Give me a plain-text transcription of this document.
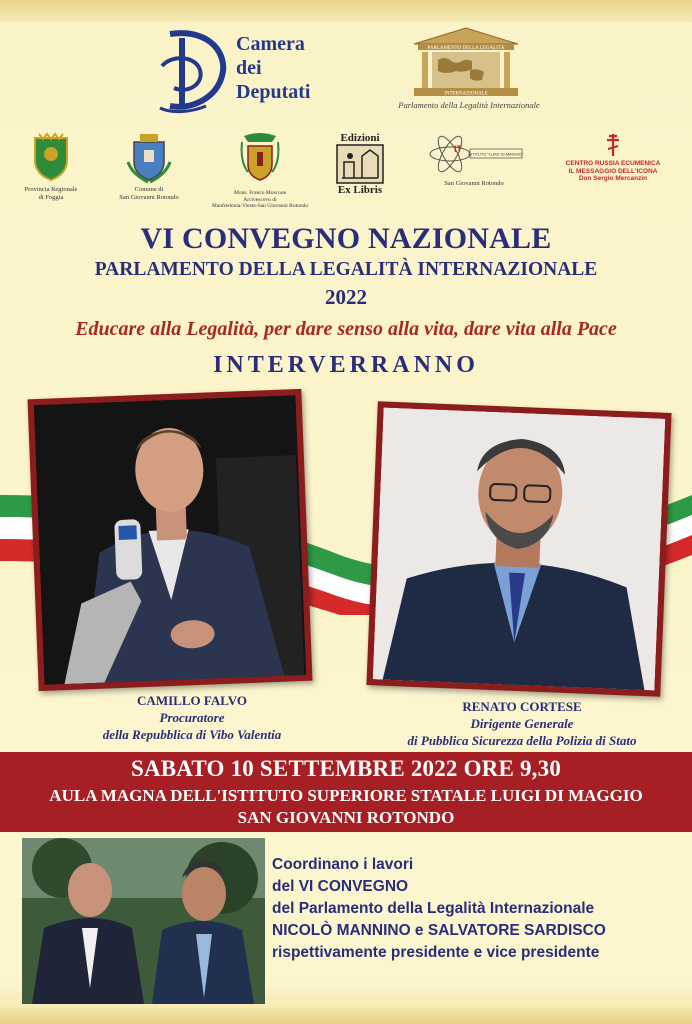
Camera
dei
Deputati
PARLAMENTO DELLA LEGALITÀ
INTERNAZIONALE
Parlamento della Legalità Internazionale
Provincia Regionale
di Foggia
Comune di
San Giovanni Rotondo
Mons. Franco Moscone
Arcivescovo di
Manfredonia-Vieste-San Giovanni Rotondo
Edizioni
Ex Libris
IT ISTITUTO "LUIGI DI MAGGIO"
San Giovanni Rotondo
CENTRO RUSSIA ECUMENICA
IL MESSAGGIO DELL'ICONA
Don Sergio Mercanzin
VI CONVEGNO NAZIONALE
PARLAMENTO DELLA LEGALITÀ INTERNAZIONALE
2022
Educare alla Legalità, per dare senso alla vita, dare vita alla Pace
INTERVERRANNO
CAMILLO FALVO
Procuratore
della Repubblica di Vibo Valentia
RENATO CORTESE
Dirigente Generale
di Pubblica Sicurezza della Polizia di Stato
SABATO 10 SETTEMBRE 2022 ORE 9,30
AULA MAGNA DELL'ISTITUTO SUPERIORE STATALE LUIGI DI MAGGIO
SAN GIOVANNI ROTONDO
Coordinano i lavori
del VI CONVEGNO
del Parlamento della Legalità Internazionale
NICOLÒ MANNINO e SALVATORE SARDISCO
rispettivamente presidente e vice presidente
